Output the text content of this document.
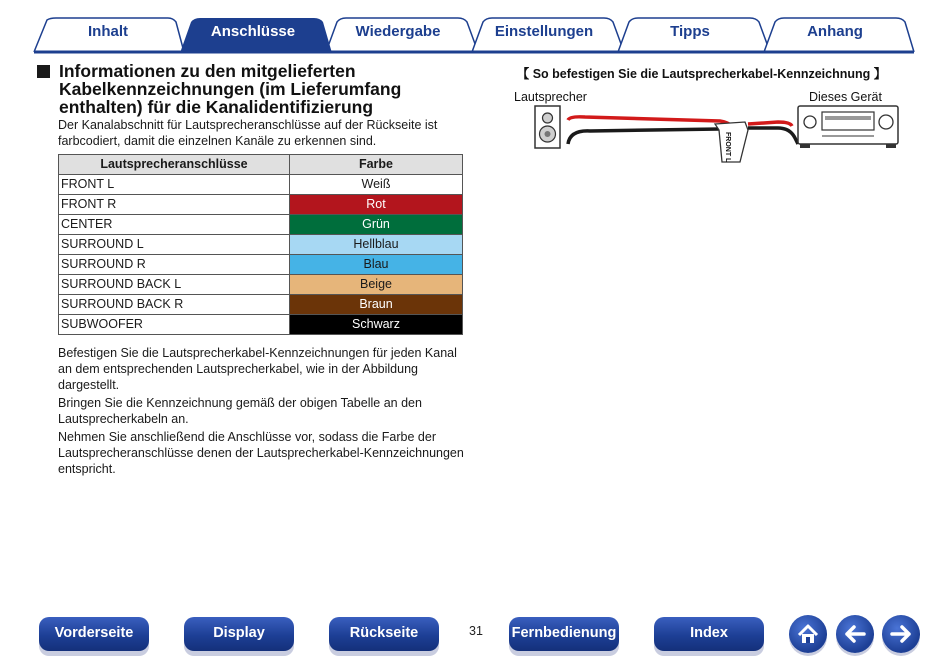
Inhalt	Anschlüsse	Wiedergabe	Einstellungen	Tipps	Anhang
Informationen zu den mitgelieferten Kabelkennzeichnungen (im Lieferumfang enthalten) für die Kanalidentifizierung
Der Kanalabschnitt für Lautsprecheranschlüsse auf der Rückseite ist farbcodiert, damit die einzelnen Kanäle zu erkennen sind.
Lautsprecheranschlüsse	Farbe
FRONT L	Weiß
FRONT R	Rot
CENTER	Grün
SURROUND L	Hellblau
SURROUND R	Blau
SURROUND BACK L	Beige
SURROUND BACK R	Braun
SUBWOOFER	Schwarz

Befestigen Sie die Lautsprecherkabel-Kennzeichnungen für jeden Kanal an dem entsprechenden Lautsprecherkabel, wie in der Abbildung dargestellt.

Bringen Sie die Kennzeichnung gemäß der obigen Tabelle an den Lautsprecherkabeln an.

Nehmen Sie anschließend die Anschlüsse vor, sodass die Farbe der Lautsprecheranschlüsse denen der Lautsprecherkabel-Kennzeichnungen entspricht.

【 So befestigen Sie die Lautsprecherkabel-Kennzeichnung 】
Lautsprecher	Dieses Gerät
FRONT L
Vorderseite	Display	Rückseite	31 Fernbedienung	Index
